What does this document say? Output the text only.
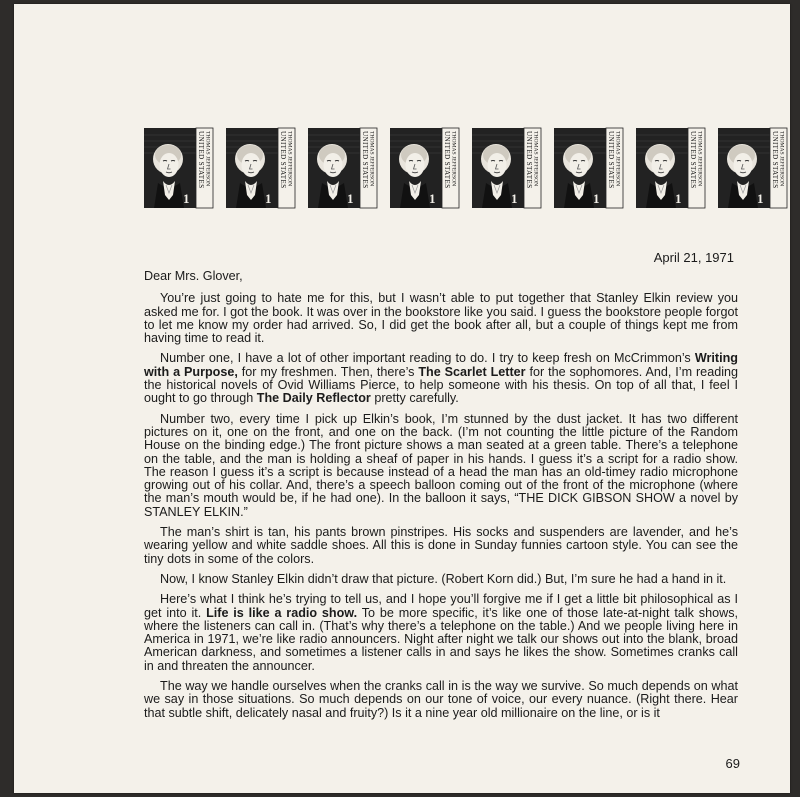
1
UNITED STATES THOMAS JEFFERSON
1
UNITED STATES THOMAS JEFFERSON
1
UNITED STATES THOMAS JEFFERSON
1
UNITED STATES THOMAS JEFFERSON
1
UNITED STATES THOMAS JEFFERSON
1
UNITED STATES THOMAS JEFFERSON
1
UNITED STATES THOMAS JEFFERSON
1
UNITED STATES THOMAS JEFFERSON
April 21, 1971

Dear Mrs. Glover,

You’re just going to hate me for this, but I wasn’t able to put together that Stanley Elkin review you asked me for. I got the book. It was over in the bookstore like you said. I guess the bookstore people forgot to let me know my order had arrived. So, I did get the book after all, but a couple of things kept me from having time to read it.

Number one, I have a lot of other important reading to do. I try to keep fresh on McCrimmon’s Writing with a Purpose, for my freshmen. Then, there’s The Scarlet Letter for the sophomores. And, I’m reading the historical novels of Ovid Williams Pierce, to help someone with his thesis. On top of all that, I feel I ought to go through The Daily Reflector pretty carefully.

Number two, every time I pick up Elkin’s book, I’m stunned by the dust jacket. It has two different pictures on it, one on the front, and one on the back. (I’m not counting the little picture of the Random House on the binding edge.) The front picture shows a man seated at a green table. There’s a telephone on the table, and the man is holding a sheaf of paper in his hands. I guess it’s a script for a radio show. The reason I guess it’s a script is because instead of a head the man has an old-timey radio microphone growing out of his collar. And, there’s a speech balloon coming out of the front of the microphone (where the man’s mouth would be, if he had one). In the balloon it says, “THE DICK GIBSON SHOW a novel by STANLEY ELKIN.”

The man’s shirt is tan, his pants brown pinstripes. His socks and suspenders are lavender, and he’s wearing yellow and white saddle shoes. All this is done in Sunday funnies cartoon style. You can see the tiny dots in some of the colors.

Now, I know Stanley Elkin didn’t draw that picture. (Robert Korn did.) But, I’m sure he had a hand in it.

Here’s what I think he’s trying to tell us, and I hope you’ll forgive me if I get a little bit philosophical as I get into it. Life is like a radio show. To be more specific, it’s like one of those late-at-night talk shows, where the listeners can call in. (That’s why there’s a telephone on the table.) And we people living here in America in 1971, we’re like radio announcers. Night after night we talk our shows out into the blank, broad American darkness, and sometimes a listener calls in and says he likes the show. Sometimes cranks call in and threaten the announcer.

The way we handle ourselves when the cranks call in is the way we survive. So much depends on what we say in those situations. So much depends on our tone of voice, our every nuance. (Right there. Hear that subtle shift, delicately nasal and fruity?) Is it a nine year old millionaire on the line, or is it

69
